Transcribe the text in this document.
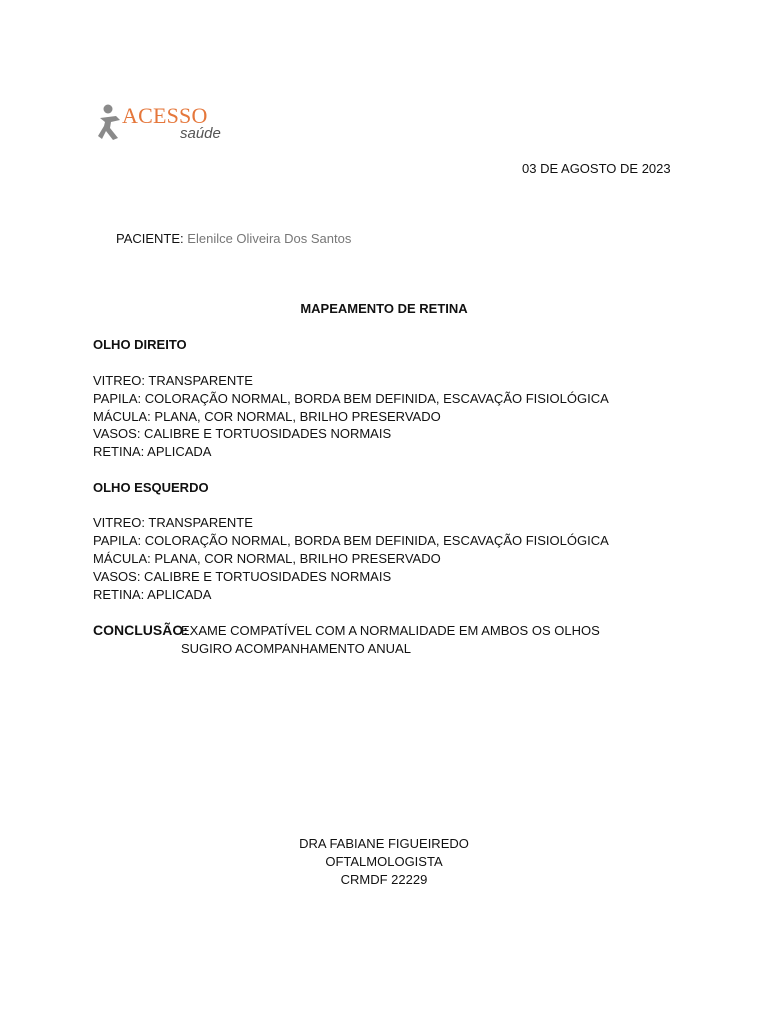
ACESSO
saúde
03 DE AGOSTO DE 2023
PACIENTE: Elenilce Oliveira Dos Santos
MAPEAMENTO DE RETINA
OLHO DIREITO
VITREO: TRANSPARENTE
PAPILA: COLORAÇÃO NORMAL, BORDA BEM DEFINIDA, ESCAVAÇÃO FISIOLÓGICA
MÁCULA: PLANA, COR NORMAL, BRILHO PRESERVADO
VASOS: CALIBRE E TORTUOSIDADES NORMAIS
RETINA: APLICADA
OLHO ESQUERDO
VITREO: TRANSPARENTE
PAPILA: COLORAÇÃO NORMAL, BORDA BEM DEFINIDA, ESCAVAÇÃO FISIOLÓGICA
MÁCULA: PLANA, COR NORMAL, BRILHO PRESERVADO
VASOS: CALIBRE E TORTUOSIDADES NORMAIS
RETINA: APLICADA
CONCLUSÃO:
EXAME COMPATÍVEL COM A NORMALIDADE EM AMBOS OS OLHOS
SUGIRO ACOMPANHAMENTO ANUAL
DRA FABIANE FIGUEIREDO
OFTALMOLOGISTA
CRMDF 22229
